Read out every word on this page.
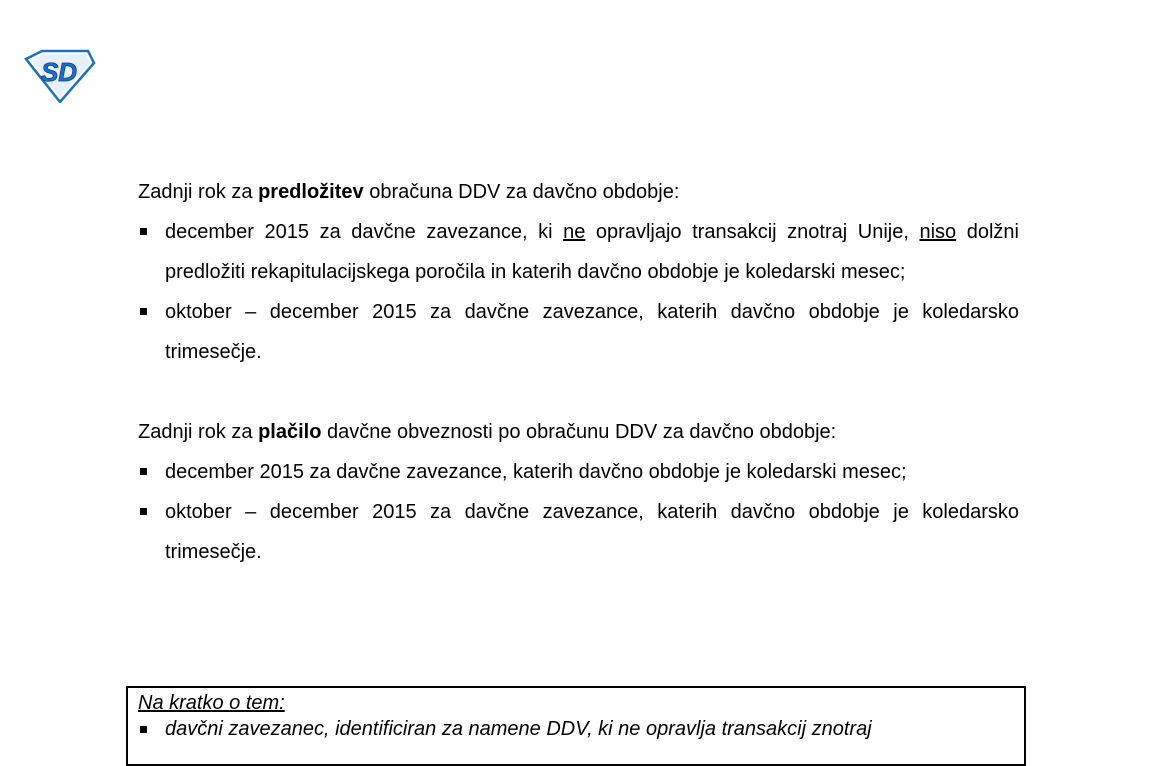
SD

Zadnji rok za predložitev obračuna DDV za davčno obdobje:

december 2015 za davčne zavezance, ki ne opravljajo transakcij znotraj Unije, niso dolžni predložiti rekapitulacijskega poročila in katerih davčno obdobje je koledarski mesec;
oktober – december 2015 za davčne zavezance, katerih davčno obdobje je koledarsko trimesečje.

Zadnji rok za plačilo davčne obveznosti po obračunu DDV za davčno obdobje:

december 2015 za davčne zavezance, katerih davčno obdobje je koledarski mesec;
oktober – december 2015 za davčne zavezance, katerih davčno obdobje je koledarsko trimesečje.
Na kratko o tem:
davčni zavezanec, identificiran za namene DDV, ki ne opravlja transakcij znotraj
